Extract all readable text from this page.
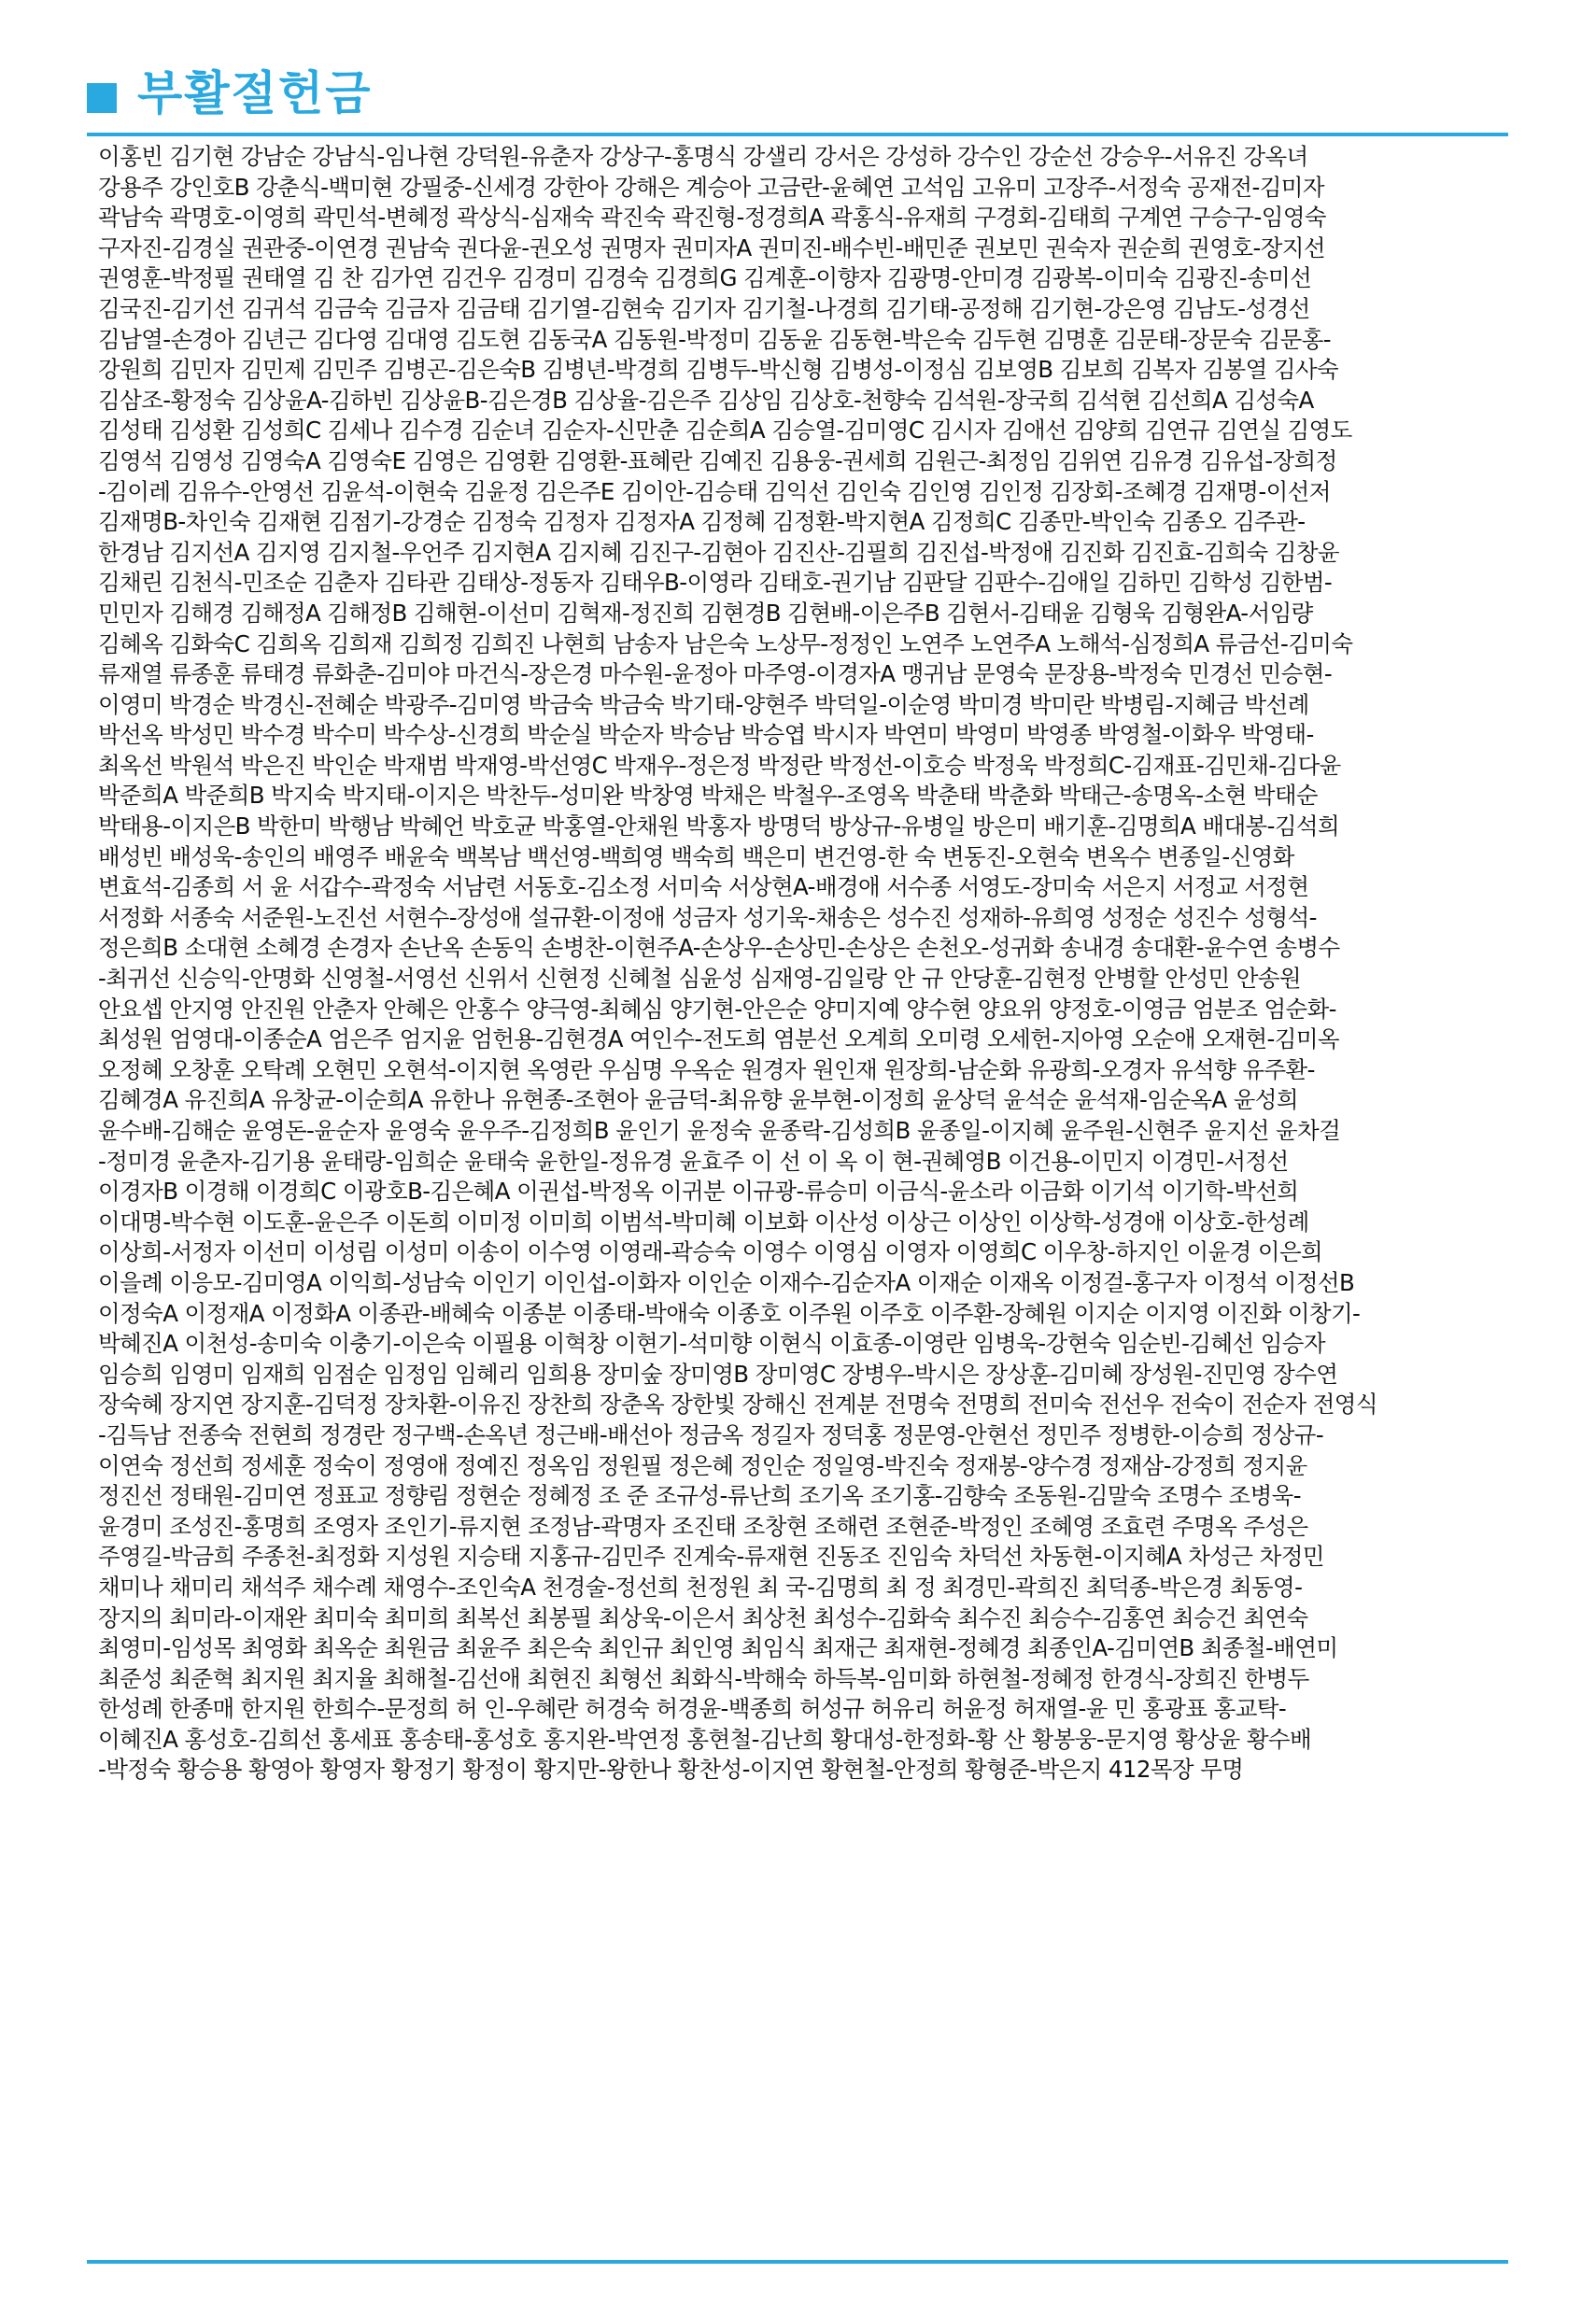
부활절헌금
이홍빈 김기현 강남순 강남식-임나현 강덕원-유춘자 강상구-홍명식 강샐리 강서은 강성하 강수인 강순선 강승우-서유진 강옥녀
강용주 강인호B 강춘식-백미현 강필중-신세경 강한아 강해은 계승아 고금란-윤혜연 고석임 고유미 고장주-서정숙 공재전-김미자
곽남숙 곽명호-이영희 곽민석-변혜정 곽상식-심재숙 곽진숙 곽진형-정경희A 곽홍식-유재희 구경회-김태희 구계연 구승구-임영숙
구자진-김경실 권관중-이연경 권남숙 권다윤-권오성 권명자 권미자A 권미진-배수빈-배민준 권보민 권숙자 권순희 권영호-장지선
권영훈-박정필 권태열 김 찬 김가연 김건우 김경미 김경숙 김경희G 김계훈-이향자 김광명-안미경 김광복-이미숙 김광진-송미선
김국진-김기선 김귀석 김금숙 김금자 김금태 김기열-김현숙 김기자 김기철-나경희 김기태-공정해 김기현-강은영 김남도-성경선
김남열-손경아 김년근 김다영 김대영 김도현 김동국A 김동원-박정미 김동윤 김동현-박은숙 김두현 김명훈 김문태-장문숙 김문홍-
강원희 김민자 김민제 김민주 김병곤-김은숙B 김병년-박경희 김병두-박신형 김병성-이정심 김보영B 김보희 김복자 김봉열 김사숙
김삼조-황정숙 김상윤A-김하빈 김상윤B-김은경B 김상율-김은주 김상임 김상호-천향숙 김석원-장국희 김석현 김선희A 김성숙A
김성태 김성환 김성희C 김세나 김수경 김순녀 김순자-신만춘 김순희A 김승열-김미영C 김시자 김애선 김양희 김연규 김연실 김영도
김영석 김영성 김영숙A 김영숙E 김영은 김영환 김영환-표혜란 김예진 김용웅-권세희 김원근-최정임 김위연 김유경 김유섭-장희정
-김이레 김유수-안영선 김윤석-이현숙 김윤정 김은주E 김이안-김승태 김익선 김인숙 김인영 김인정 김장회-조혜경 김재명-이선저
김재명B-차인숙 김재현 김점기-강경순 김정숙 김정자 김정자A 김정혜 김정환-박지현A 김정희C 김종만-박인숙 김종오 김주관-
한경남 김지선A 김지영 김지철-우언주 김지현A 김지혜 김진구-김현아 김진산-김필희 김진섭-박정애 김진화 김진효-김희숙 김창윤
김채린 김천식-민조순 김춘자 김타관 김태상-정동자 김태우B-이영라 김태호-권기남 김판달 김판수-김애일 김하민 김학성 김한범-
민민자 김해경 김해정A 김해정B 김해현-이선미 김혁재-정진희 김현경B 김현배-이은주B 김현서-김태윤 김형욱 김형완A-서임량
김혜옥 김화숙C 김희옥 김희재 김희정 김희진 나현희 남송자 남은숙 노상무-정정인 노연주 노연주A 노해석-심정희A 류금선-김미숙
류재열 류종훈 류태경 류화춘-김미야 마건식-장은경 마수원-윤정아 마주영-이경자A 맹귀남 문영숙 문장용-박정숙 민경선 민승현-
이영미 박경순 박경신-전혜순 박광주-김미영 박금숙 박금숙 박기태-양현주 박덕일-이순영 박미경 박미란 박병림-지혜금 박선례
박선옥 박성민 박수경 박수미 박수상-신경희 박순실 박순자 박승남 박승엽 박시자 박연미 박영미 박영종 박영철-이화우 박영태-
최옥선 박원석 박은진 박인순 박재범 박재영-박선영C 박재우-정은정 박정란 박정선-이호승 박정욱 박정희C-김재표-김민채-김다윤
박준희A 박준희B 박지숙 박지태-이지은 박찬두-성미완 박창영 박채은 박철우-조영옥 박춘태 박춘화 박태근-송명옥-소현 박태순
박태용-이지은B 박한미 박행남 박혜언 박호균 박홍열-안채원 박홍자 방명덕 방상규-유병일 방은미 배기훈-김명희A 배대봉-김석희
배성빈 배성욱-송인의 배영주 배윤숙 백복남 백선영-백희영 백숙희 백은미 변건영-한 숙 변동진-오현숙 변옥수 변종일-신영화
변효석-김종희 서 윤 서갑수-곽정숙 서남련 서동호-김소정 서미숙 서상현A-배경애 서수종 서영도-장미숙 서은지 서정교 서정현
서정화 서종숙 서준원-노진선 서현수-장성애 설규환-이정애 성금자 성기욱-채송은 성수진 성재하-유희영 성정순 성진수 성형석-
정은희B 소대현 소혜경 손경자 손난옥 손동익 손병찬-이현주A-손상우-손상민-손상은 손천오-성귀화 송내경 송대환-윤수연 송병수
-최귀선 신승익-안명화 신영철-서영선 신위서 신현정 신혜철 심윤성 심재영-김일랑 안 규 안당훈-김현정 안병할 안성민 안송원
안요셉 안지영 안진원 안춘자 안혜은 안홍수 양극영-최혜심 양기현-안은순 양미지예 양수현 양요위 양정호-이영금 엄분조 엄순화-
최성원 엄영대-이종순A 엄은주 엄지윤 엄헌용-김현경A 여인수-전도희 염분선 오계희 오미령 오세헌-지아영 오순애 오재현-김미옥
오정혜 오창훈 오탁례 오현민 오현석-이지현 옥영란 우심명 우옥순 원경자 원인재 원장희-남순화 유광희-오경자 유석향 유주환-
김혜경A 유진희A 유창균-이순희A 유한나 유현종-조현아 윤금덕-최유향 윤부현-이정희 윤상덕 윤석순 윤석재-임순옥A 윤성희
윤수배-김해순 윤영돈-윤순자 윤영숙 윤우주-김정희B 윤인기 윤정숙 윤종락-김성희B 윤종일-이지혜 윤주원-신현주 윤지선 윤차걸
-정미경 윤춘자-김기용 윤태랑-임희순 윤태숙 윤한일-정유경 윤효주 이 선 이 옥 이 현-권혜영B 이건용-이민지 이경민-서정선
이경자B 이경해 이경희C 이광호B-김은혜A 이권섭-박정옥 이귀분 이규광-류승미 이금식-윤소라 이금화 이기석 이기학-박선희
이대명-박수현 이도훈-윤은주 이돈희 이미정 이미희 이범석-박미혜 이보화 이산성 이상근 이상인 이상학-성경애 이상호-한성례
이상희-서정자 이선미 이성림 이성미 이송이 이수영 이영래-곽승숙 이영수 이영심 이영자 이영희C 이우창-하지인 이윤경 이은희
이을례 이응모-김미영A 이익희-성남숙 이인기 이인섭-이화자 이인순 이재수-김순자A 이재순 이재옥 이정걸-홍구자 이정석 이정선B
이정숙A 이정재A 이정화A 이종관-배혜숙 이종분 이종태-박애숙 이종호 이주원 이주호 이주환-장혜원 이지순 이지영 이진화 이창기-
박혜진A 이천성-송미숙 이충기-이은숙 이필용 이혁창 이현기-석미향 이현식 이효종-이영란 임병욱-강현숙 임순빈-김혜선 임승자
임승희 임영미 임재희 임점순 임정임 임혜리 임희용 장미숲 장미영B 장미영C 장병우-박시은 장상훈-김미혜 장성원-진민영 장수연
장숙혜 장지연 장지훈-김덕정 장차환-이유진 장찬희 장춘옥 장한빛 장해신 전계분 전명숙 전명희 전미숙 전선우 전숙이 전순자 전영식
-김득남 전종숙 전현희 정경란 정구백-손옥년 정근배-배선아 정금옥 정길자 정덕홍 정문영-안현선 정민주 정병한-이승희 정상규-
이연숙 정선희 정세훈 정숙이 정영애 정예진 정옥임 정원필 정은혜 정인순 정일영-박진숙 정재봉-양수경 정재삼-강정희 정지윤
정진선 정태원-김미연 정표교 정향림 정현순 정혜정 조 준 조규성-류난희 조기옥 조기홍-김향숙 조동원-김말숙 조명수 조병욱-
윤경미 조성진-홍명희 조영자 조인기-류지현 조정남-곽명자 조진태 조창현 조해련 조현준-박정인 조혜영 조효련 주명옥 주성은
주영길-박금희 주종천-최정화 지성원 지승태 지홍규-김민주 진계숙-류재현 진동조 진임숙 차덕선 차동현-이지혜A 차성근 차정민
채미나 채미리 채석주 채수례 채영수-조인숙A 천경술-정선희 천정원 최 국-김명희 최 정 최경민-곽희진 최덕종-박은경 최동영-
장지의 최미라-이재완 최미숙 최미희 최복선 최봉필 최상욱-이은서 최상천 최성수-김화숙 최수진 최승수-김홍연 최승건 최연숙
최영미-임성목 최영화 최옥순 최원금 최윤주 최은숙 최인규 최인영 최임식 최재근 최재현-정혜경 최종인A-김미연B 최종철-배연미
최준성 최준혁 최지원 최지율 최해철-김선애 최현진 최형선 최화식-박해숙 하득복-임미화 하현철-정혜정 한경식-장희진 한병두
한성례 한종매 한지원 한희수-문정희 허 인-우혜란 허경숙 허경윤-백종희 허성규 허유리 허윤정 허재열-윤 민 홍광표 홍교탁-
이혜진A 홍성호-김희선 홍세표 홍송태-홍성호 홍지완-박연정 홍현철-김난희 황대성-한정화-황 산 황봉웅-문지영 황상윤 황수배
-박정숙 황승용 황영아 황영자 황정기 황정이 황지만-왕한나 황찬성-이지연 황현철-안정희 황형준-박은지 412목장 무명
